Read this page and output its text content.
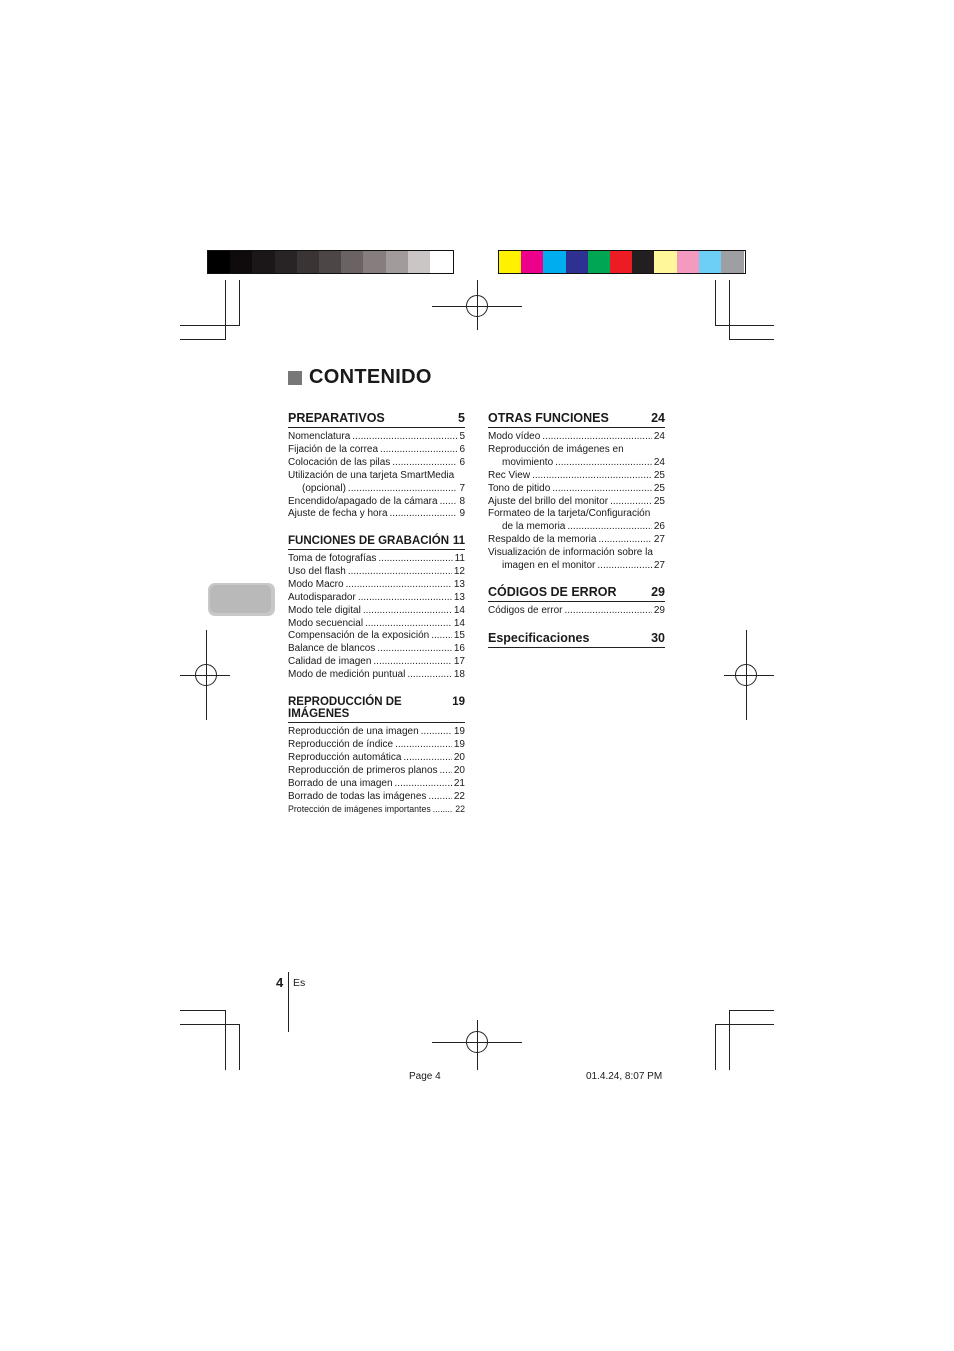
CONTENIDO
PREPARATIVOS	5
Nomenclatura .....	5
Fijación de la correa .....	6
Colocación de las pilas .....	6
Utilización de una tarjeta SmartMedia
(opcional) .....	7
Encendido/apagado de la cámara ..... 8
Ajuste de fecha y hora .....	9
FUNCIONES DE GRABACIÓN 11
Toma de fotografías .....	11
Uso del flash .....	12
Modo Macro .....	13
Autodisparador .....	13
Modo tele digital .....	14
Modo secuencial .....	14
Compensación de la exposición ..... 15
Balance de blancos .....	16
Calidad de imagen .....	17
Modo de medición puntual .....	18
REPRODUCCIÓN DE IMÁGENES
19
Reproducción de una imagen .....	19
Reproducción de índice .....	19
Reproducción automática .....	20
Reproducción de primeros planos ..... 20
Borrado de una imagen .....	21
Borrado de todas las imágenes .....	22
Protección de imágenes importantes .....	22
OTRAS FUNCIONES	24
Modo vídeo .....	24
Reproducción de imágenes en
movimiento .....	24
Rec View .....	25
Tono de pitido .....	25
Ajuste del brillo del monitor .....	25
Formateo de la tarjeta/Configuración
de la memoria .....	26
Respaldo de la memoria .....	27
Visualización de información sobre la
imagen en el monitor .....	27
CÓDIGOS DE ERROR	29
Códigos de error .....	29
Especificaciones	30
4 Es
Page 4	01.4.24, 8:07 PM
